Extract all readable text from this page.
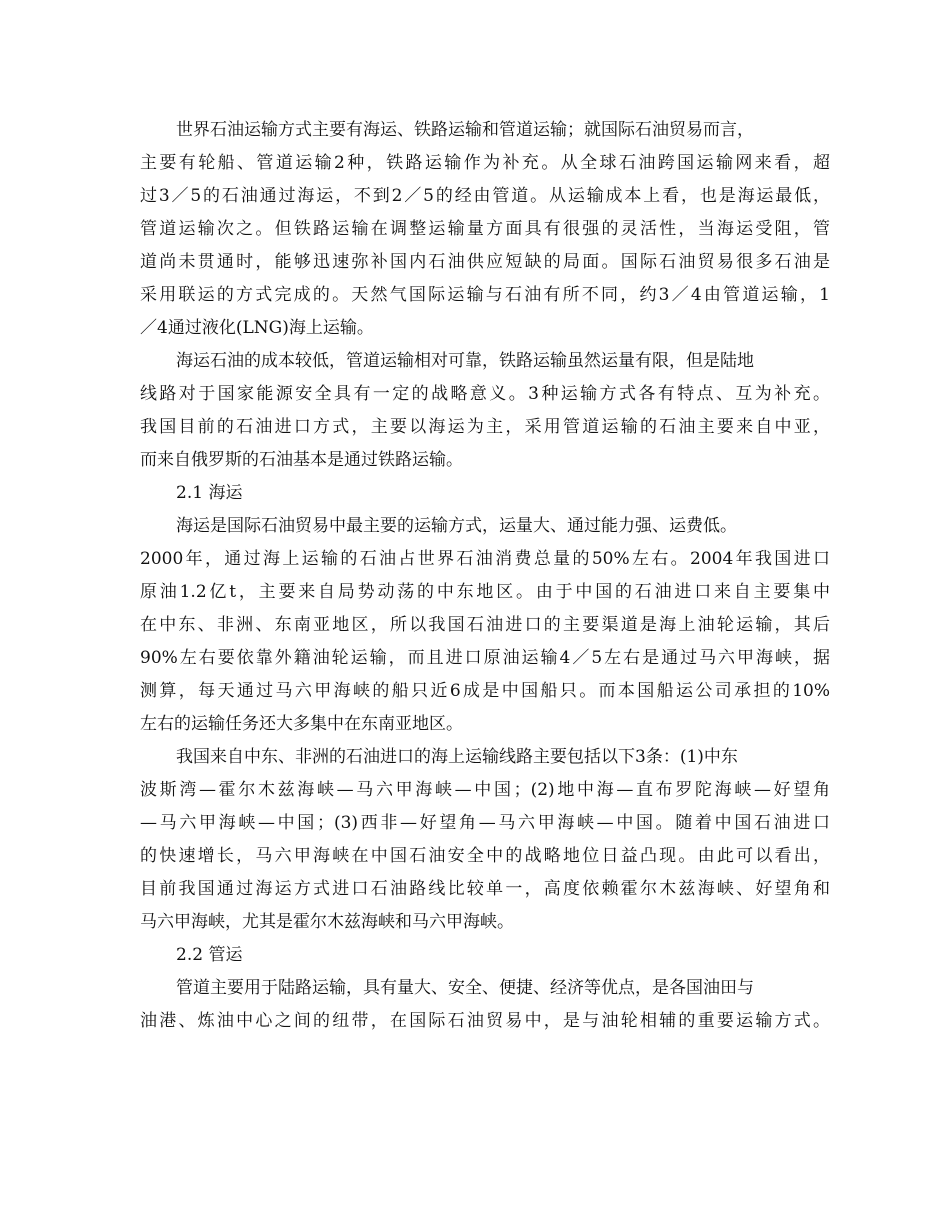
世界石油运输方式主要有海运、铁路运输和管道运输；就国际石油贸易而言，
主要有轮船、管道运输2种，铁路运输作为补充。从全球石油跨国运输网来看，超
过3／5的石油通过海运，不到2／5的经由管道。从运输成本上看，也是海运最低，
管道运输次之。但铁路运输在调整运输量方面具有很强的灵活性，当海运受阻，管
道尚未贯通时，能够迅速弥补国内石油供应短缺的局面。国际石油贸易很多石油是
采用联运的方式完成的。天然气国际运输与石油有所不同，约3／4由管道运输，1
／4通过液化(LNG)海上运输。
海运石油的成本较低，管道运输相对可靠，铁路运输虽然运量有限，但是陆地
线路对于国家能源安全具有一定的战略意义。3种运输方式各有特点、互为补充。
我国目前的石油进口方式，主要以海运为主，采用管道运输的石油主要来自中亚，
而来自俄罗斯的石油基本是通过铁路运输。
2.1 海运
海运是国际石油贸易中最主要的运输方式，运量大、通过能力强、运费低。
2000年，通过海上运输的石油占世界石油消费总量的50%左右。2004年我国进口
原油1.2亿t，主要来自局势动荡的中东地区。由于中国的石油进口来自主要集中
在中东、非洲、东南亚地区，所以我国石油进口的主要渠道是海上油轮运输，其后
90%左右要依靠外籍油轮运输，而且进口原油运输4／5左右是通过马六甲海峡，据
测算，每天通过马六甲海峡的船只近6成是中国船只。而本国船运公司承担的10%
左右的运输任务还大多集中在东南亚地区。
我国来自中东、非洲的石油进口的海上运输线路主要包括以下3条：(1)中东
波斯湾—霍尔木兹海峡—马六甲海峡—中国；(2)地中海—直布罗陀海峡—好望角
—马六甲海峡—中国；(3)西非—好望角—马六甲海峡—中国。随着中国石油进口
的快速增长，马六甲海峡在中国石油安全中的战略地位日益凸现。由此可以看出，
目前我国通过海运方式进口石油路线比较单一，高度依赖霍尔木兹海峡、好望角和
马六甲海峡，尤其是霍尔木兹海峡和马六甲海峡。
2.2 管运
管道主要用于陆路运输，具有量大、安全、便捷、经济等优点，是各国油田与
油港、炼油中心之间的纽带，在国际石油贸易中，是与油轮相辅的重要运输方式。
